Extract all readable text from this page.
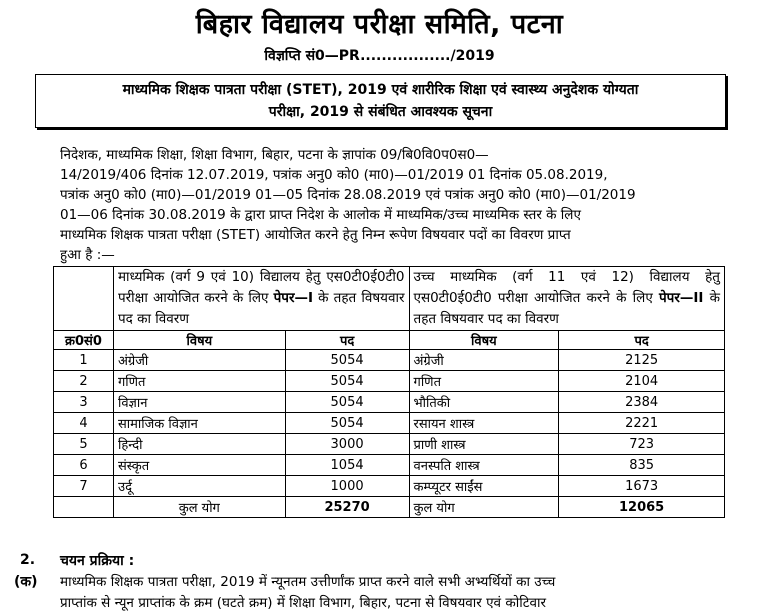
बिहार विद्यालय परीक्षा समिति, पटना
विज्ञप्ति सं0—PR................./2019
माध्यमिक शिक्षक पात्रता परीक्षा (STET), 2019 एवं शारीरिक शिक्षा एवं स्वास्थ्य अनुदेशक योग्यता
परीक्षा, 2019 से संबंधित आवश्यक सूचना
निदेशक, माध्यमिक शिक्षा, शिक्षा विभाग, बिहार, पटना के ज्ञापांक 09/बि0वि0प0स0—
14/2019/406 दिनांक 12.07.2019, पत्रांक अनु0 को0 (मा0)—01/2019 01 दिनांक 05.08.2019,
पत्रांक अनु0 को0 (मा0)—01/2019 01—05 दिनांक 28.08.2019 एवं पत्रांक अनु0 को0 (मा0)—01/2019
01—06 दिनांक 30.08.2019 के द्वारा प्राप्त निदेश के आलोक में माध्यमिक/उच्च माध्यमिक स्तर के लिए
माध्यमिक शिक्षक पात्रता परीक्षा (STET) आयोजित करने हेतु निम्न रूपेण विषयवार पदों का विवरण प्राप्त
हुआ है :—
	माध्यमिक (वर्ग 9 एवं 10) विद्यालय हेतु एस0टी0ई0टी0 परीक्षा आयोजित करने के लिए पेपर—I के तहत विषयवार पद का विवरण		उच्च माध्यमिक (वर्ग 11 एवं 12) विद्यालय हेतु एस0टी0ई0टी0 परीक्षा आयोजित करने के लिए पेपर—II के तहत विषयवार पद का विवरण	
क्र0सं0	विषय	पद	विषय	पद
1	अंग्रेजी	5054	अंग्रेजी	2125
2	गणित	5054	गणित	2104
3	विज्ञान	5054	भौतिकी	2384
4	सामाजिक विज्ञान	5054	रसायन शास्त्र	2221
5	हिन्दी	3000	प्राणी शास्त्र	723
6	संस्कृत	1054	वनस्पति शास्त्र	835
7	उर्दू	1000	कम्प्यूटर साईंस	1673
	कुल योग	25270	कुल योग	12065
2. चयन प्रक्रिया :
(क) माध्यमिक शिक्षक पात्रता परीक्षा, 2019 में न्यूनतम उत्तीर्णांक प्राप्त करने वाले सभी अभ्यर्थियों का उच्च
प्राप्तांक से न्यून प्राप्तांक के क्रम (घटते क्रम) में शिक्षा विभाग, बिहार, पटना से विषयवार एवं कोटिवार
